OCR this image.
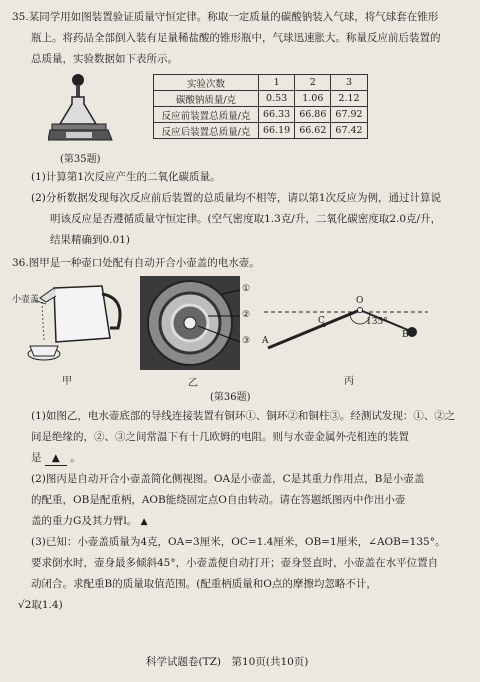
35.某同学用如图装置验证质量守恒定律。称取一定质量的碳酸钠装入气球，将气球套在锥形
瓶上。将药品全部倒入装有足量稀盐酸的锥形瓶中，气球迅速胀大。称量反应前后装置的
总质量，实验数据如下表所示。
(第35题)
实验次数	1	2	3
碳酸钠质量/克	0.53	1.06	2.12
反应前装置总质量/克	66.33	66.86	67.92
反应后装置总质量/克	66.19	66.62	67.42
(1)计算第1次反应产生的二氧化碳质量。
(2)分析数据发现每次反应前后装置的总质量均不相等，请以第1次反应为例，通过计算说
明该反应是否遵循质量守恒定律。(空气密度取1.3克/升，二氧化碳密度取2.0克/升，
结果精确到0.01)
36.图甲是一种壶口处配有自动开合小壶盖的电水壶。
小壶盖
甲
①
②
③
乙
O
A
B
C	135°
丙
(第36题)
(1)如图乙，电水壶底部的导线连接装置有铜环①、铜环②和铜柱③。经测试发现：①、②之
间是绝缘的，②、③之间常温下有十几欧姆的电阻。则与水壶金属外壳相连的装置
是 ▲ 。
(2)图丙是自动开合小壶盖简化侧视图。OA是小壶盖，C是其重力作用点，B是小壶盖
的配重，OB是配重柄，AOB能绕固定点O自由转动。请在答题纸图丙中作出小壶
盖的重力G及其力臂l。 ▲
(3)已知：小壶盖质量为4克，OA=3厘米，OC=1.4厘米，OB=1厘米，∠AOB=135°。
要求倒水时，壶身最多倾斜45°，小壶盖便自动打开；壶身竖直时，小壶盖在水平位置自
动闭合。求配重B的质量取值范围。(配重柄质量和O点的摩擦均忽略不计，
√2取1.4)
科学试题卷(TZ)　第10页(共10页)
